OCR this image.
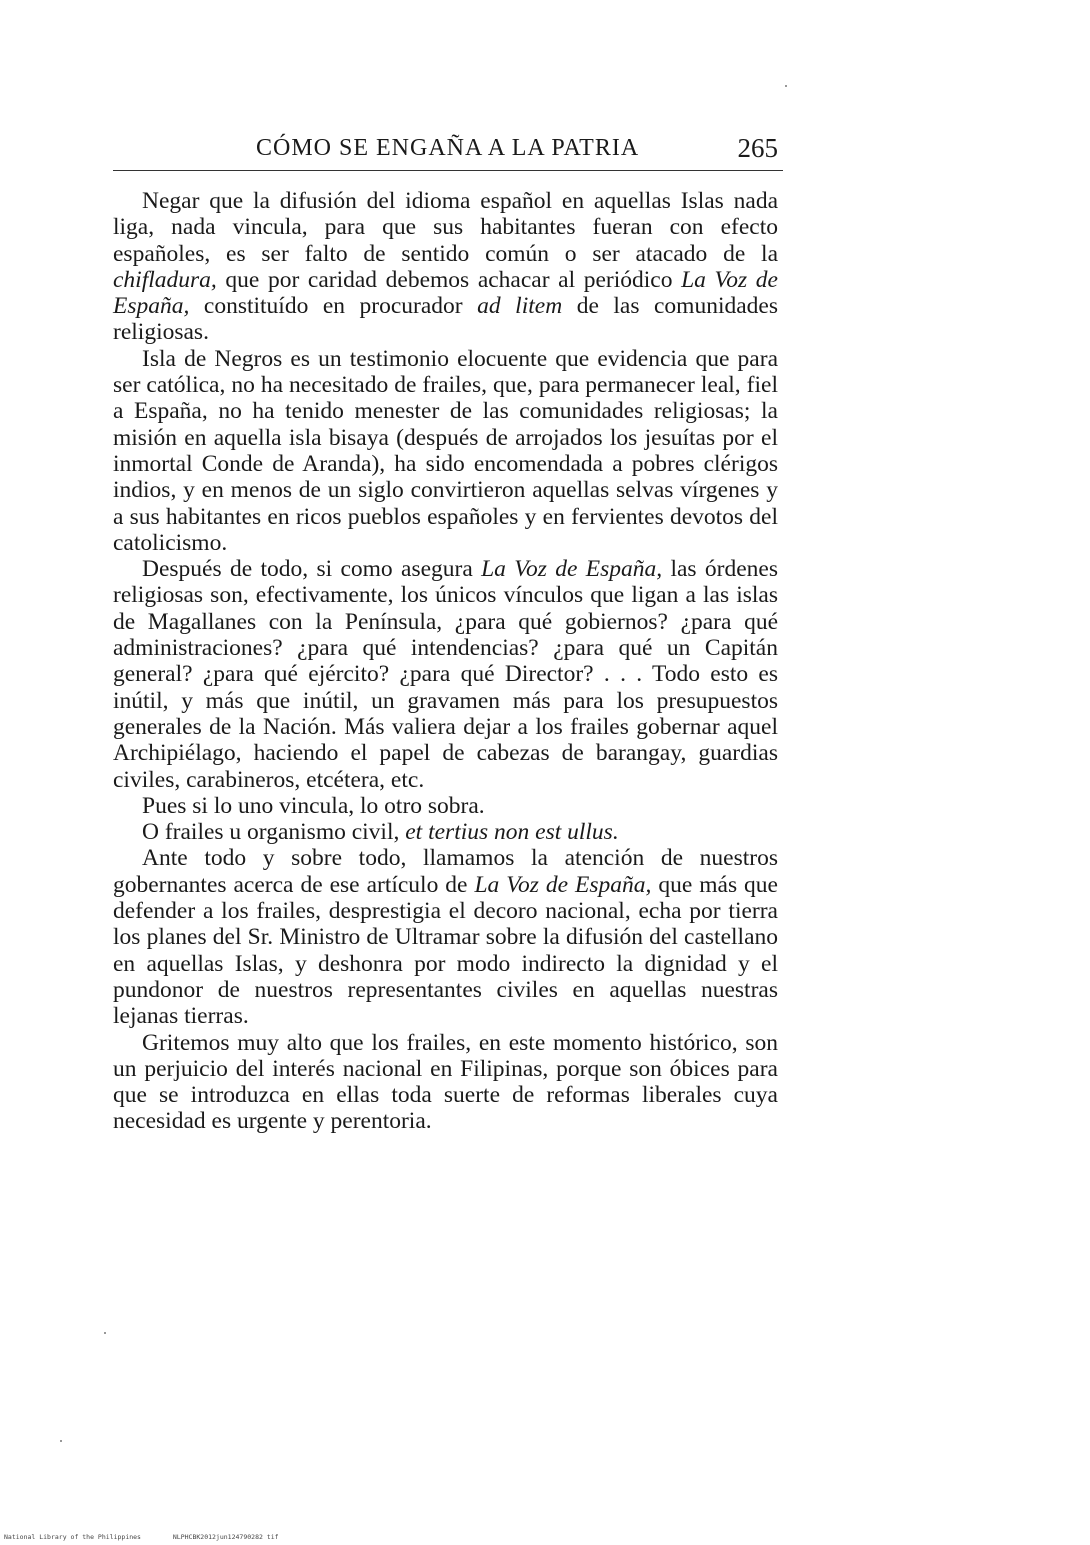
CÓMO SE ENGAÑA A LA PATRIA	265

Negar que la difusión del idioma español en aquellas Islas nada liga, nada vincula, para que sus habitantes fueran con efecto españoles, es ser falto de sentido común o ser atacado de la chifladura, que por caridad debemos achacar al periódico La Voz de España, constituído en procurador ad litem de las comunidades religiosas.

Isla de Negros es un testimonio elocuente que evidencia que para ser católica, no ha necesitado de frailes, que, para permanecer leal, fiel a España, no ha tenido menester de las comunidades religiosas; la misión en aquella isla bisaya (después de arrojados los jesuítas por el inmortal Conde de Aranda), ha sido encomendada a pobres clérigos indios, y en menos de un siglo convirtieron aquellas selvas vírgenes y a sus habitantes en ricos pueblos españoles y en fervientes devotos del catolicismo.

Después de todo, si como asegura La Voz de España, las órdenes religiosas son, efectivamente, los únicos vínculos que ligan a las islas de Magallanes con la Península, ¿para qué gobiernos? ¿para qué administraciones? ¿para qué intendencias? ¿para qué un Capitán general? ¿para qué ejército? ¿para qué Director? . . . Todo esto es inútil, y más que inútil, un gravamen más para los presupuestos generales de la Nación. Más valiera dejar a los frailes gobernar aquel Archipiélago, haciendo el papel de cabezas de barangay, guardias civiles, carabineros, etcétera, etc.

Pues si lo uno vincula, lo otro sobra.

O frailes u organismo civil, et tertius non est ullus.

Ante todo y sobre todo, llamamos la atención de nuestros gobernantes acerca de ese artículo de La Voz de España, que más que defender a los frailes, desprestigia el decoro nacional, echa por tierra los planes del Sr. Ministro de Ultramar sobre la difusión del castellano en aquellas Islas, y deshonra por modo indirecto la dignidad y el pundonor de nuestros representantes civiles en aquellas nuestras lejanas tierras.

Gritemos muy alto que los frailes, en este momento histórico, son un perjuicio del interés nacional en Filipinas, porque son óbices para que se introduzca en ellas toda suerte de reformas liberales cuya necesidad es urgente y perentoria.

National Library of the Philippines	NLPHCBK2012jun124790282 tif
